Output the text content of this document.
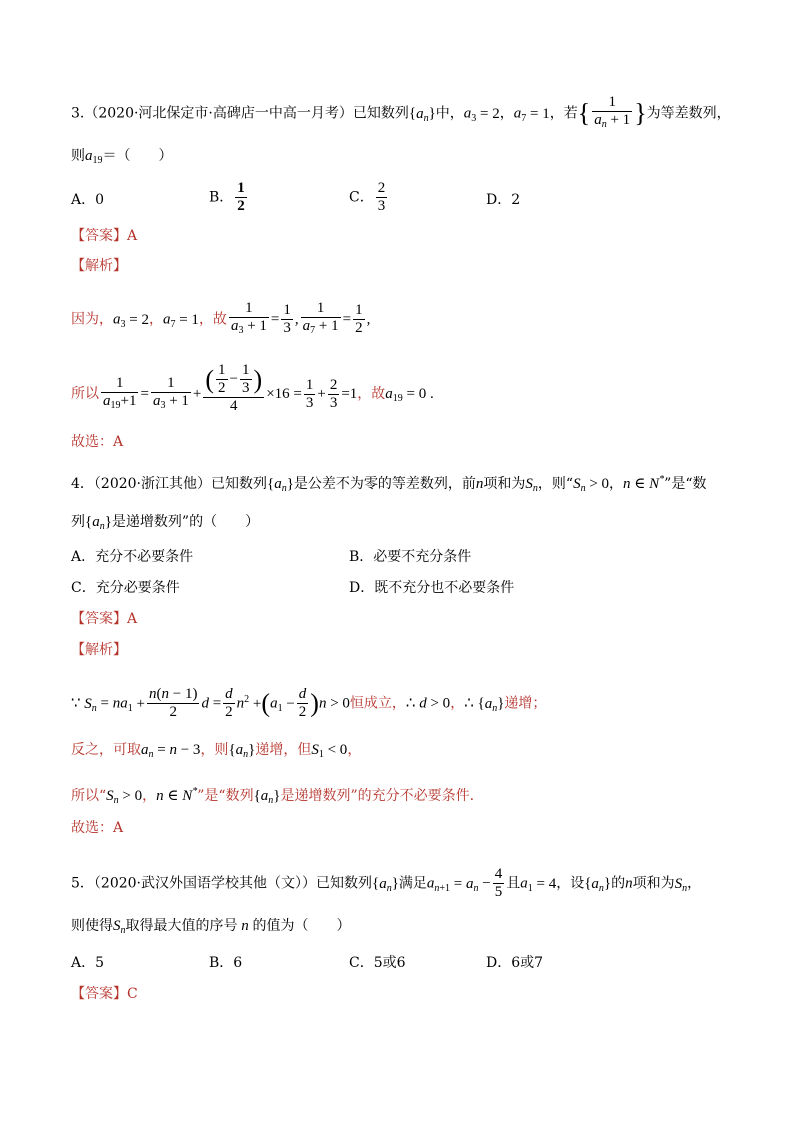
3.（2020·河北保定市·高碑店一中高一月考）已知数列$\{a_n\}$中，$a_3 = 2$，$a_7 = 1$，若{ $\frac{1}{a_n + 1}$ }为等差数列，
则$a_{19}=$（　　）
A．0	B． $\frac{1}{2}$	C． $\frac{2}{3}$	D．2
【答案】A
【解析】
因为，$a_3 = 2$，$a_7 = 1$，故 $\frac{1}{a_3 + 1} = \frac{1}{3}$ , $\frac{1}{a_7 + 1} = \frac{1}{2}$ ,
所以 $\frac{1}{a_{19}+1} = \frac{1}{a_3 + 1} + \frac{( \frac{1}{2} - \frac{1}{3} )}{4} \times 16 = \frac{1}{3} + \frac{2}{3} =1$，故$a_{19} = 0$ .
故选：A
4．（2020·浙江其他）已知数列$\{a_n\}$是公差不为零的等差数列，前n项和为$S_n$，则“$S_n > 0$，n ∈ N*”是“数
列$\{a_n\}$是递增数列”的（　　）
A．充分不必要条件	B．必要不充分条件
C．充分必要条件	D．既不充分也不必要条件
【答案】A
【解析】
∵ $S_n = na_1 + \frac{n(n - 1)}{2}$ $d = \frac{d}{2} n^2 +(a_1 - \frac{d}{2} )n > 0$恒成立，∴ d > 0，∴ $\{a_n\}$递增；
反之，可取$a_n = n - 3$，则$\{a_n\}$递增，但$S_1 < 0$，
所以“$S_n > 0$，n ∈ N*”是“数列$\{a_n\}$是递增数列”的充分不必要条件.
故选：A
5．（2020·武汉外国语学校其他（文））已知数列$\{a_n\}$满足$a_{n+1} = a_n - \frac{4}{5}$ 且$a_1 = 4$，设$\{a_n\}$的n项和为$S_n$，
则使得$S_n$取得最大值的序号 n 的值为（　　）
A．5	B．6	C．5或6	D．6或7
【答案】C
